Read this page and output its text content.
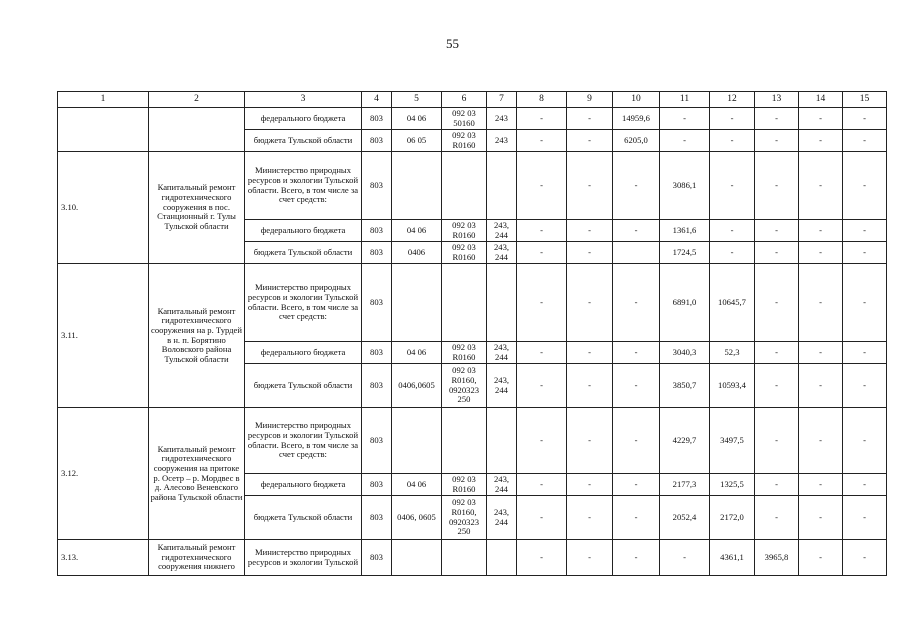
55
1	2	3	4	5	6	7	8	9	10	11	12	13	14	15
		федерального бюджета	803	04 06	092 03 50160	243	-	-	14959,6	-	-	-	-	-
		бюджета Тульской области	803	06 05	092 03 R0160	243	-	-	6205,0	-	-	-	-	-
3.10.	Капитальный ремонт гидротехнического сооружения в пос. Станционный г. Тулы Тульской области	Министерство природных ресурсов и экологии Тульской области. Всего, в том числе за счет средств:	803				-	-	-	3086,1	-	-	-	-
		федерального бюджета	803	04 06	092 03 R0160	243, 244	-	-	-	1361,6	-	-	-	-
		бюджета Тульской области	803	0406	092 03 R0160	243, 244	-	-		1724,5	-	-	-	-
3.11.	Капитальный ремонт гидротехнического сооружения на р. Турдей в н. п. Борятино Воловского района Тульской области	Министерство природных ресурсов и экологии Тульской области. Всего, в том числе за счет средств:	803				-	-	-	6891,0	10645,7	-	-	-
		федерального бюджета	803	04 06	092 03 R0160	243, 244	-	-	-	3040,3	52,3	-	-	-
		бюджета Тульской области	803	0406,0605	092 03 R0160, 0920323 250	243, 244	-	-	-	3850,7	10593,4	-	-	-
3.12.	Капитальный ремонт гидротехнического сооружения на притоке р. Осетр – р. Мордвес в д. Алесово Веневского района Тульской области	Министерство природных ресурсов и экологии Тульской области. Всего, в том числе за счет средств:	803				-	-	-	4229,7	3497,5	-	-	-
		федерального бюджета	803	04 06	092 03 R0160	243, 244	-	-	-	2177,3	1325,5	-	-	-
		бюджета Тульской области	803	0406, 0605	092 03 R0160, 0920323 250	243, 244	-	-	-	2052,4	2172,0	-	-	-
3.13.	Капитальный ремонт гидротехнического сооружения нижнего	Министерство природных ресурсов и экологии Тульской	803				-	-	-	-	4361,1	3965,8	-	-
